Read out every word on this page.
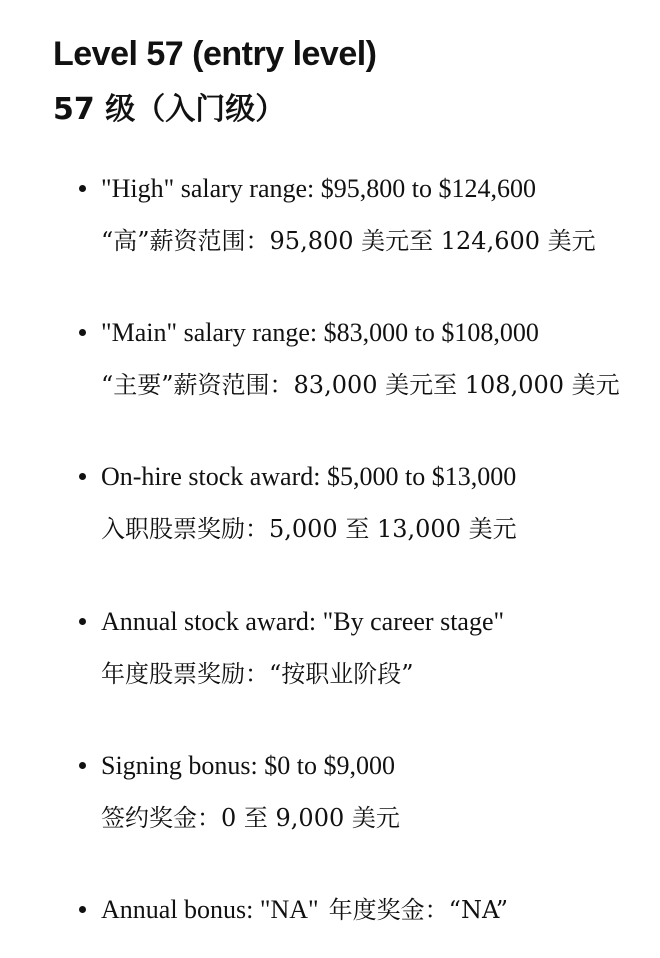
Level 57 (entry level)
57 级（入门级）
"High" salary range: $95,800 to $124,600
“高”薪资范围：95,800 美元至 124,600 美元
"Main" salary range: $83,000 to $108,000
“主要”薪资范围：83,000 美元至 108,000 美元
On-hire stock award: $5,000 to $13,000
入职股票奖励：5,000 至 13,000 美元
Annual stock award: "By career stage"
年度股票奖励：“按职业阶段”
Signing bonus: $0 to $9,000
签约奖金：0 至 9,000 美元
Annual bonus: "NA" 年度奖金：“NA”
